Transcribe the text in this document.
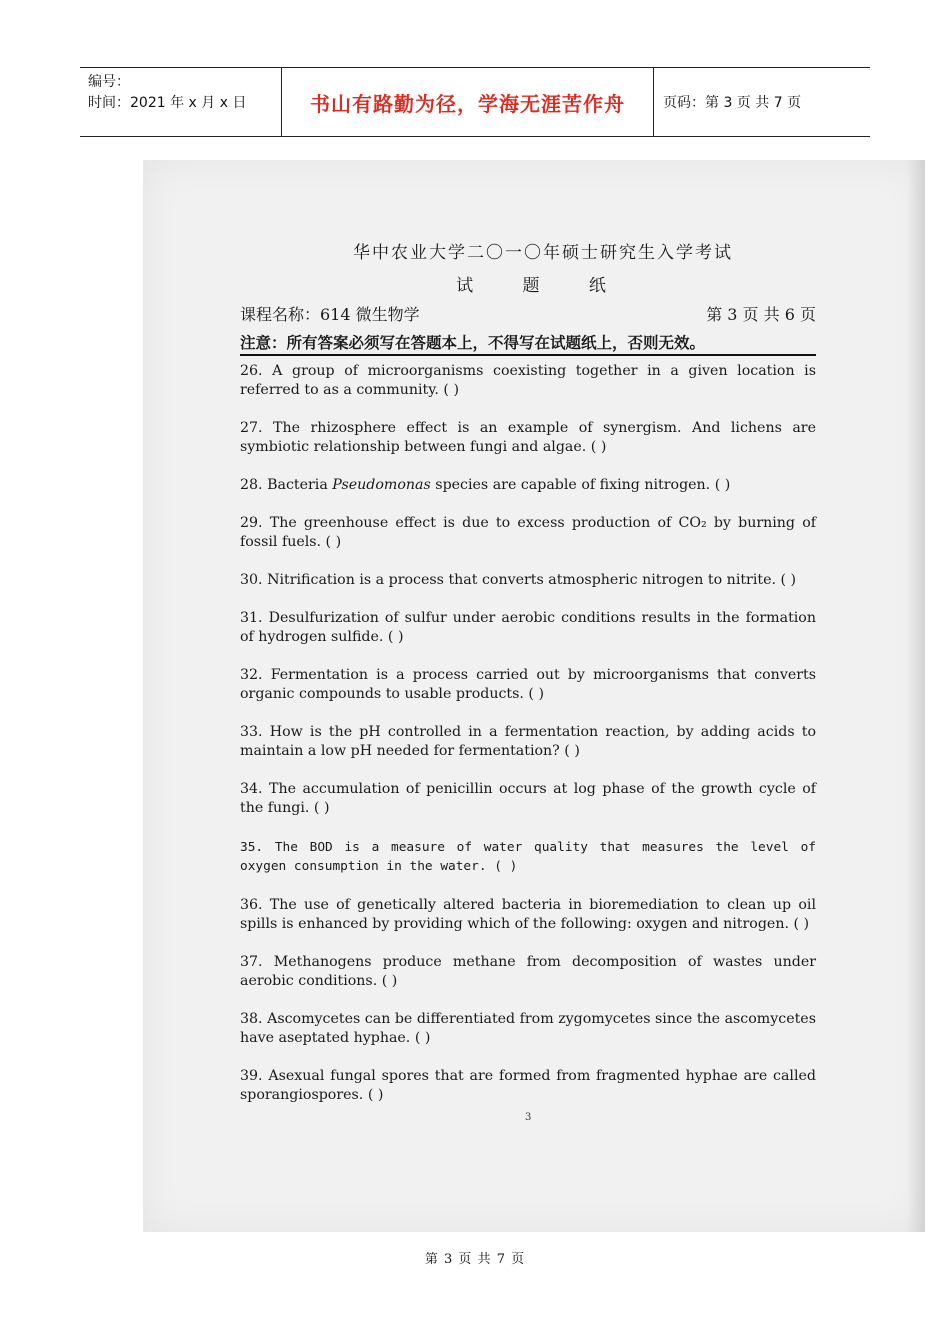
编号：
时间：2021 年 x 月 x 日	书山有路勤为径，学海无涯苦作舟	页码：第 3 页 共 7 页
华中农业大学二〇一〇年硕士研究生入学考试
试 题 纸
课程名称：614 微生物学	第 3 页 共 6 页
注意：所有答案必须写在答题本上，不得写在试题纸上，否则无效。
26. A group of microorganisms coexisting together in a given location is referred to as a community. ( )
27. The rhizosphere effect is an example of synergism. And lichens are symbiotic relationship between fungi and algae. ( )
28. Bacteria Pseudomonas species are capable of fixing nitrogen. ( )
29. The greenhouse effect is due to excess production of CO₂ by burning of fossil fuels. ( )
30. Nitrification is a process that converts atmospheric nitrogen to nitrite. ( )
31. Desulfurization of sulfur under aerobic conditions results in the formation of hydrogen sulfide. ( )
32. Fermentation is a process carried out by microorganisms that converts organic compounds to usable products. ( )
33. How is the pH controlled in a fermentation reaction, by adding acids to maintain a low pH needed for fermentation? ( )
34. The accumulation of penicillin occurs at log phase of the growth cycle of the fungi. ( )
35. The BOD is a measure of water quality that measures the level of oxygen consumption in the water. ( )
36. The use of genetically altered bacteria in bioremediation to clean up oil spills is enhanced by providing which of the following: oxygen and nitrogen. ( )
37. Methanogens produce methane from decomposition of wastes under aerobic conditions. ( )
38. Ascomycetes can be differentiated from zygomycetes since the ascomycetes have aseptated hyphae. ( )
39. Asexual fungal spores that are formed from fragmented hyphae are called sporangiospores. ( )
3
第 3 页 共 7 页
